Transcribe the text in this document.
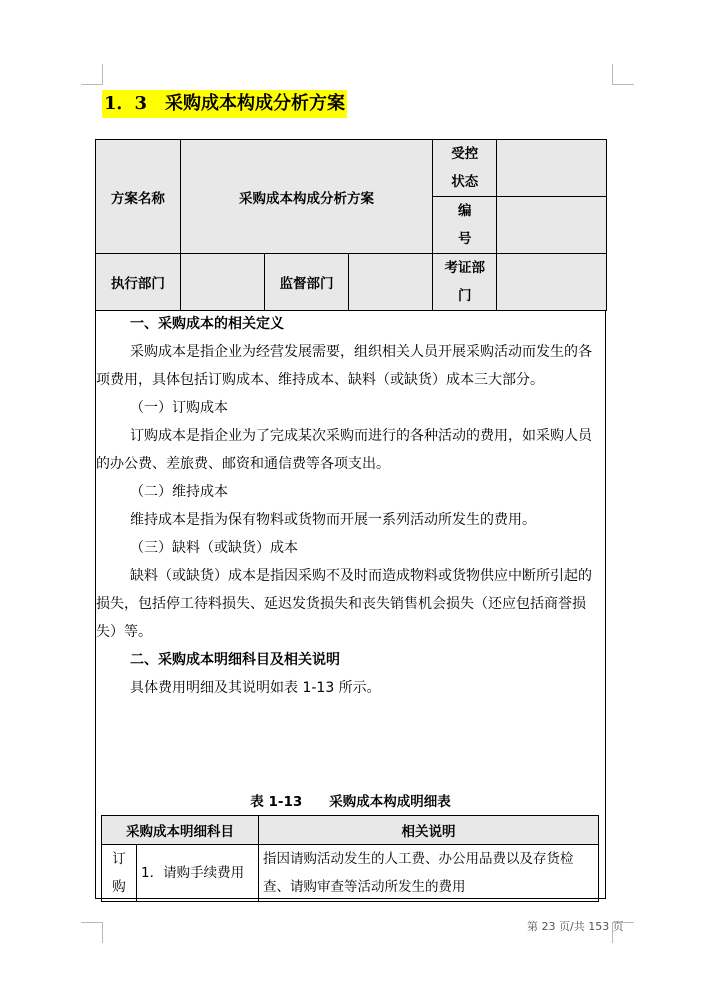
1．3　采购成本构成分析方案
方案名称	采购成本构成分析方案			受控状态	

				编号	

执行部门		监督部门		考证部门	

一、采购成本的相关定义

采购成本是指企业为经营发展需要，组织相关人员开展采购活动而发生的各项费用，具体包括订购成本、维持成本、缺料（或缺货）成本三大部分。

（一）订购成本

订购成本是指企业为了完成某次采购而进行的各种活动的费用，如采购人员的办公费、差旅费、邮资和通信费等各项支出。

（二）维持成本

维持成本是指为保有物料或货物而开展一系列活动所发生的费用。

（三）缺料（或缺货）成本

缺料（或缺货）成本是指因采购不及时而造成物料或货物供应中断所引起的损失，包括停工待料损失、延迟发货损失和丧失销售机会损失（还应包括商誉损失）等。

二、采购成本明细科目及相关说明

具体费用明细及其说明如表 1-13 所示。

表 1-13　　采购成本构成明细表
采购成本明细科目		相关说明

订购	1．请购手续费用	指因请购活动发生的人工费、办公用品费以及存货检查、请购审查等活动所发生的费用
第 23 页/共 153 页
